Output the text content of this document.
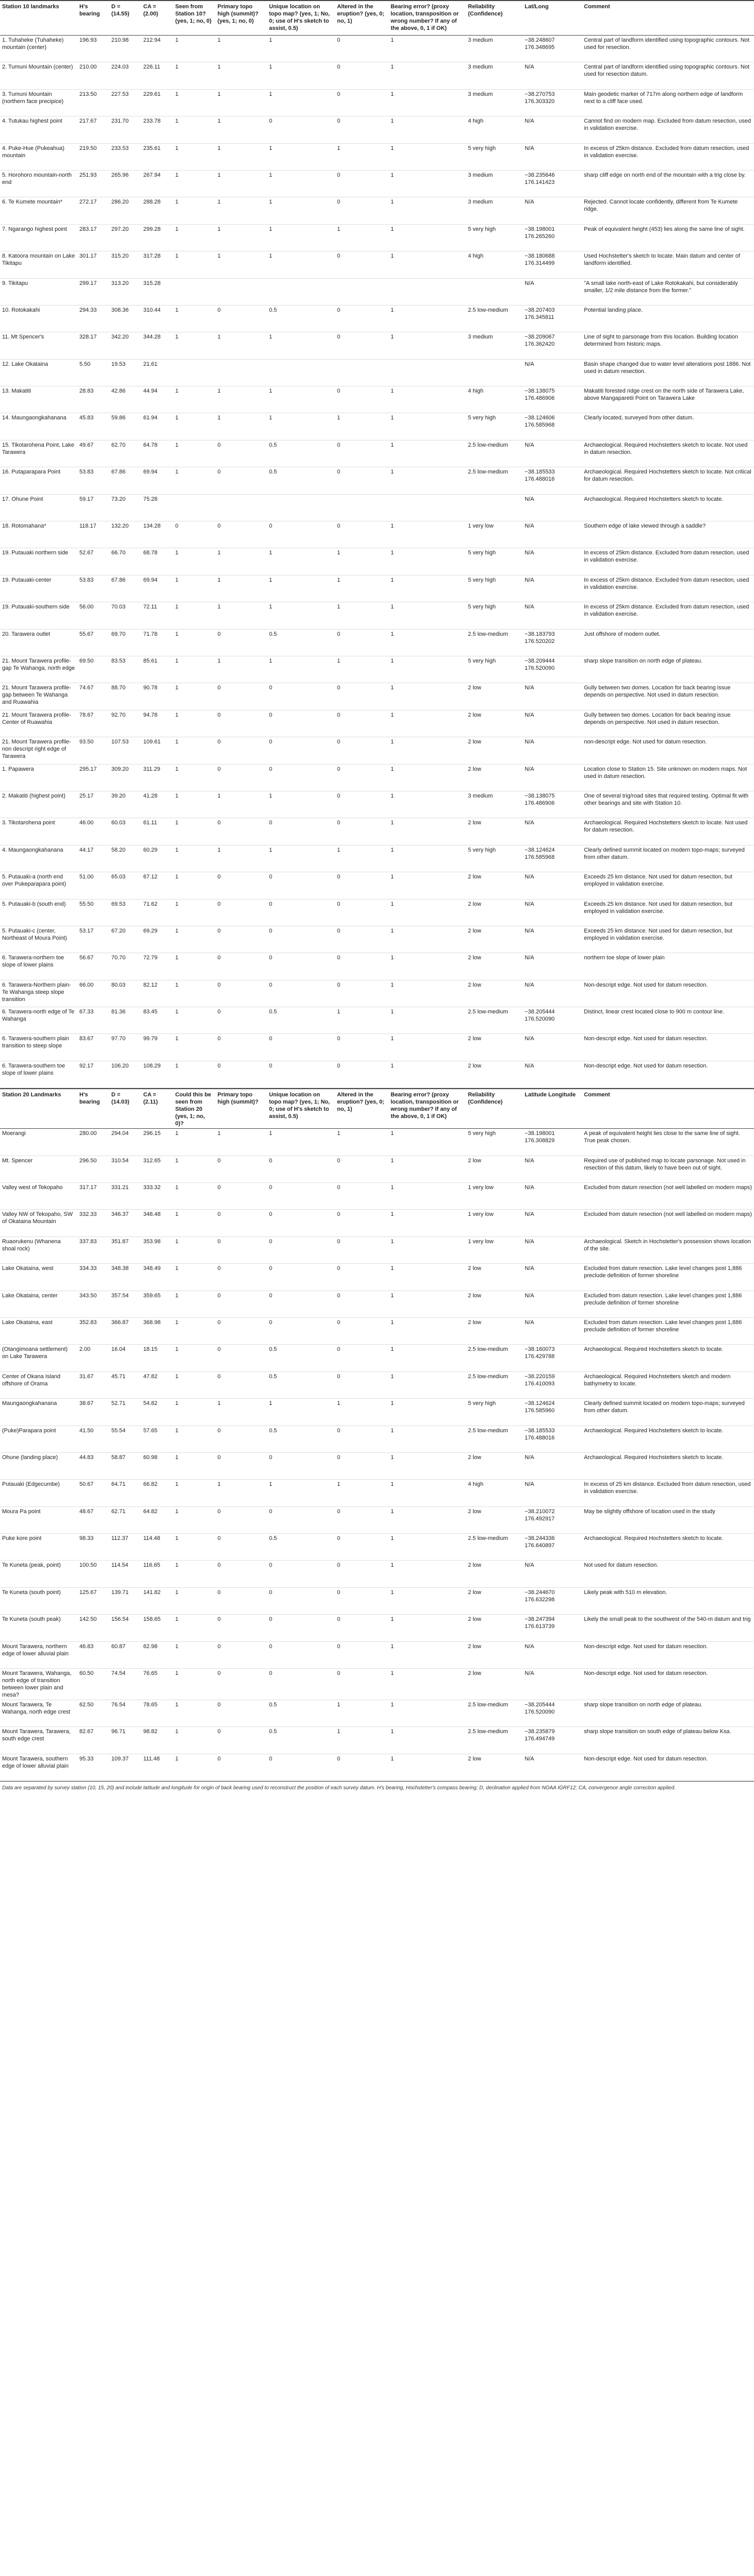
Station 10 landmarks	H's bearing	D = (14.55)	CA = (2.00)	Seen from Station 10? (yes, 1; no, 0)	Primary topo high (summit)? (yes, 1; no, 0)	Unique location on topo map? (yes, 1; No, 0; use of H's sketch to assist, 0.5)	Altered in the eruption? (yes, 0; no, 1)	Bearing error? (proxy location, transposition or wrong number? If any of the above, 0, 1 if OK)	Reliability (Confidence)	Lat/Long	Comment
1. Tuhaheke (Tuhaheke) mountain (center)	196.93	210.98	212.94	1	1	1	0	1	3 medium	−38.248607 176.348695	Central part of landform identified using topographic contours. Not used for resection.
2. Tumuni Mountain (center)	210.00	224.03	226.11	1	1	1	0	1	3 medium	N/A	Central part of landform identified using topographic contours. Not used for resection datum.
3. Tumuni Mountain (northern face precipice)	213.50	227.53	229.61	1	1	1	0	1	3 medium	−38.270753 176.303320	Main geodetic marker of 717m along northern edge of landform next to a cliff face used.
4. Tutukau highest point	217.67	231.70	233.78	1	1	0	0	1	4 high	N/A	Cannot find on modern map. Excluded from datum resection, used in validation exercise.
4. Puke-Hue (Pukeahua) mountain	219.50	233.53	235.61	1	1	1	1	1	5 very high	N/A	In excess of 25km distance. Excluded from datum resection, used in validation exercise.
5. Horohoro mountain-north end	251.93	265.96	267.94	1	1	1	0	1	3 medium	−38.235646 176.141423	sharp cliff edge on north end of the mountain with a trig close by.
6. Te Kumete mountain*	272.17	286.20	288.28	1	1	1	0	1	3 medium	N/A	Rejected. Cannot locate confidently, different from Te Kumete ridge.
7. Ngarango highest point	283.17	297.20	299.28	1	1	1	1	1	5 very high	−38.198001 176.265260	Peak of equivalent height (453) lies along the same line of sight.
8. Katoora mountain on Lake Tikitapu	301.17	315.20	317.28	1	1	1	0	1	4 high	−38.180688 176.314499	Used Hochstetter's sketch to locate. Main datum and center of landform identified.
9. Tikitapu	299.17	313.20	315.28							N/A	"A small lake north-east of Lake Rotokakahi, but considerably smaller, 1/2 mile distance from the former."
10. Rotokakahi	294.33	308.36	310.44	1	0	0.5	0	1	2.5 low-medium	−38.207403 176.345811	Potential landing place.
11. Mt Spencer's	328.17	342.20	344.28	1	1	1	0	1	3 medium	−38.209067 176.362420	Line of sight to parsonage from this location. Building location determined from historic maps.
12. Lake Okataina	5.50	19.53	21.61							N/A	Basin shape changed due to water level alterations post 1886. Not used in datum resection.
13. Makatiti	28.83	42.86	44.94	1	1	1	0	1	4 high	−38.138075 176.486906	Makatiti forested ridge crest on the north side of Tarawera Lake, above Mangaparetii Point on Tarawera Lake
14. Maungaongkahanana	45.83	59.86	61.94	1	1	1	1	1	5 very high	−38.124606 176.585968	Clearly located, surveyed from other datum.
15. Tikotarohena Point, Lake Tarawera	49.67	62.70	64.78	1	0	0.5	0	1	2.5 low-medium	N/A	Archaeological. Required Hochstetters sketch to locate. Not used in datum resection.
16. Putaparapara Point	53.83	67.86	69.94	1	0	0.5	0	1	2.5 low-medium	−38.185533 176.488016	Archaeological. Required Hochstetters sketch to locate. Not critical for datum resection.
17. Ohune Point	59.17	73.20	75.28							N/A	Archaeological. Required Hochstetters sketch to locate.
18. Rotomahana*	118.17	132.20	134.28	0	0	0	0	1	1 very low	N/A	Southern edge of lake viewed through a saddle?
19. Putauaki northern side	52.67	66.70	68.78	1	1	1	1	1	5 very high	N/A	In excess of 25km distance. Excluded from datum resection, used in validation exercise.
19. Putauaki-center	53.83	67.86	69.94	1	1	1	1	1	5 very high	N/A	In excess of 25km distance. Excluded from datum resection, used in validation exercise.
19. Putauaki-southern side	56.00	70.03	72.11	1	1	1	1	1	5 very high	N/A	In excess of 25km distance. Excluded from datum resection, used in validation exercise.
20. Tarawera outlet	55.67	69.70	71.78	1	0	0.5	0	1	2.5 low-medium	−38.183793 176.520202	Just offshore of modern outlet.
21. Mount Tarawera profile-gap Te Wahanga, north edge	69.50	83.53	85.61	1	1	1	1	1	5 very high	−38.209444 176.520090	sharp slope transition on north edge of plateau.
21. Mount Tarawera profile-gap between Te Wahanga and Ruawahia	74.67	88.70	90.78	1	0	0	0	1	2 low	N/A	Gully between two domes. Location for back bearing issue depends on perspective. Not used in datum resection.
21. Mount Tarawera profile-Center of Ruawahia	78.67	92.70	94.78	1	0	0	0	1	2 low	N/A	Gully between two domes. Location for back bearing issue depends on perspective. Not used in datum resection.
21. Mount Tarawera profile-non descript right edge of Tarawera	93.50	107.53	109.61	1	0	0	0	1	2 low	N/A	non-descript edge. Not used for datum resection.
1. Papawera	295.17	309.20	311.29	1	0	0	0	1	2 low	N/A	Location close to Station 15. Site unknown on modern maps. Not used in datum resection.
2. Makatiti (highest point)	25.17	39.20	41.28	1	1	1	0	1	3 medium	−38.138075 176.486906	One of several trig/road sites that required testing. Optimal fit with other bearings and site with Station 10.
3. Tikotarohena point	46.00	60.03	61.11	1	0	0	0	1	2 low	N/A	Archaeological. Required Hochstetters sketch to locate. Not used for datum resection.
4. Maungaongkahanana	44.17	58.20	60.29	1	1	1	1	1	5 very high	−38.124624 176.585968	Clearly defined summit located on modern topo-maps; surveyed from other datum.
5. Putauaki-a (north end over Pukeparapara point)	51.00	65.03	67.12	1	0	0	0	1	2 low	N/A	Exceeds 25 km distance. Not used for datum resection, but employed in validation exercise.
5. Putauaki-b (south end)	55.50	69.53	71.62	1	0	0	0	1	2 low	N/A	Exceeds 25 km distance. Not used for datum resection, but employed in validation exercise.
5. Putauaki-c (center, Northeast of Moura Point)	53.17	67.20	69.29	1	0	0	0	1	2 low	N/A	Exceeds 25 km distance. Not used for datum resection, but employed in validation exercise.
6. Tarawera-northern toe slope of lower plains	56.67	70.70	72.79	1	0	0	0	1	2 low	N/A	northern toe slope of lower plain
6. Tarawera-Northern plain-Te Wahanga steep slope transition	66.00	80.03	82.12	1	0	0	0	1	2 low	N/A	Non-descript edge. Not used for datum resection.
6. Tarawera-north edge of Te Wahanga	67.33	81.36	83.45	1	0	0.5	1	1	2.5 low-medium	−38.205444 176.520090	Distinct, linear crest located close to 900 m contour line.
6. Tarawera-southern plain transition to steep slope	83.67	97.70	99.79	1	0	0	0	1	2 low	N/A	Non-descript edge. Not used for datum resection.
6. Tarawera-southern toe slope of lower plains	92.17	106.20	108.29	1	0	0	0	1	2 low	N/A	Non-descript edge. Not used for datum resection.
Station 20 Landmarks	H's bearing	D = (14.03)	CA = (2.11)	Could this be seen from Station 20 (yes, 1; no, 0)?	Primary topo high (summit)?	Unique location on topo map? (yes, 1; No, 0; use of H's sketch to assist, 0.5)	Altered in the eruption? (yes, 0; no, 1)	Bearing error? (proxy location, transposition or wrong number? If any of the above, 0, 1 if OK)	Reliability (Confidence)	Latitude Longitude	Comment
Moerangi	280.00	294.04	296.15	1	1	1	1	1	5 very high	−38.198001 176.308829	A peak of equivalent height lies close to the same line of sight. True peak chosen.
Mt. Spencer	296.50	310.54	312.65	1	0	0	0	1	2 low	N/A	Required use of published map to locate parsonage. Not used in resection of this datum, likely to have been out of sight.
Valley west of Tekopaho	317.17	331.21	333.32	1	0	0	0	1	1 very low	N/A	Excluded from datum resection (not well labelled on modern maps)
Valley NW of Tekopaho, SW of Okataina Mountain	332.33	346.37	348.48	1	0	0	0	1	1 very low	N/A	Excluded from datum resection (not well labelled on modern maps)
Ruaorukenu (Whanena shoal rock)	337.83	351.87	353.98	1	0	0	0	1	1 very low	N/A	Archaeological. Sketch in Hochstetter's possession shows location of the site.
Lake Okataina, west	334.33	348.38	348.49	1	0	0	0	1	2 low	N/A	Excluded from datum resection. Lake level changes post 1,886 preclude definition of former shoreline
Lake Okataina, center	343.50	357.54	359.65	1	0	0	0	1	2 low	N/A	Excluded from datum resection. Lake level changes post 1,886 preclude definition of former shoreline
Lake Okataina, east	352.83	366.87	368.98	1	0	0	0	1	2 low	N/A	Excluded from datum resection. Lake level changes post 1,886 preclude definition of former shoreline
(Otangimoana settlement) on Lake Tarawera	2.00	16.04	18.15	1	0	0.5	0	1	2.5 low-medium	−38.160073 176.429788	Archaeological. Required Hochstetters sketch to locate.
Center of Okana Island offshore of Orama	31.67	45.71	47.82	1	0	0.5	0	1	2.5 low-medium	−38.220159 176.410093	Archaeological. Required Hochstetters sketch and modern bathymetry to locate.
Maungaongkahanana	38.67	52.71	54.82	1	1	1	1	1	5 very high	−38.124624 176.585960	Clearly defined summit located on modern topo-maps; surveyed from other datum.
(Puke)Parapara point	41.50	55.54	57.65	1	0	0.5	0	1	2.5 low-medium	−38.185533 176.488016	Archaeological. Required Hochstetters sketch to locate.
Ohune (landing place)	44.83	58.87	60.98	1	0	0	0	1	2 low	N/A	Archaeological. Required Hochstetters sketch to locate.
Putauaki (Edgecumbe)	50.67	64.71	66.82	1	1	1	1	1	4 high	N/A	In excess of 25 km distance. Excluded from datum resection, used in validation exercise.
Moura Pa point	48.67	62.71	64.82	1	0	0	0	1	2 low	−38.210072 176.492917	May be slightly offshore of location used in the study
Puke kore point	98.33	112.37	114.48	1	0	0.5	0	1	2.5 low-medium	−38.244336 176.640897	Archaeological. Required Hochstetters sketch to locate.
Te Kuneta (peak, point)	100.50	114.54	116.65	1	0	0	0	1	2 low	N/A	Not used for datum resection.
Te Kuneta (south point)	125.67	139.71	141.82	1	0	0	0	1	2 low	−38.244670 176.632298	Likely peak with 510 m elevation.
Te Kuneta (south peak)	142.50	156.54	158.65	1	0	0	0	1	2 low	−38.247394 176.613739	Likely the small peak to the southwest of the 540-m datum and trig
Mount Tarawera, northern edge of lower alluvial plain	46.83	60.87	62.98	1	0	0	0	1	2 low	N/A	Non-descript edge. Not used for datum resection.
Mount Tarawera, Wahanga, north edge of transition between lower plain and mesa?	60.50	74.54	76.65	1	0	0	0	1	2 low	N/A	Non-descript edge. Not used for datum resection.
Mount Tarawera, Te Wahanga, north edge crest	62.50	76.54	78.65	1	0	0.5	1	1	2.5 low-medium	−38.205444 176.520090	sharp slope transition on north edge of plateau.
Mount Tarawera, Tarawera, south edge crest	82.67	96.71	98.82	1	0	0.5	1	1	2.5 low-medium	−38.235879 176.494749	sharp slope transition on south edge of plateau below Ksa.
Mount Tarawera, southern edge of lower alluvial plain	95.33	109.37	111.48	1	0	0	0	1	2 low	N/A	Non-descript edge. Not used for datum resection.
Data are separated by survey station (10, 15, 20) and include latitude and longitude for origin of back bearing used to reconstruct the position of each survey datum. H's bearing, Hochstetter's compass bearing; D, declination applied from NOAA IGRF12; CA, convergence angle correction applied.
